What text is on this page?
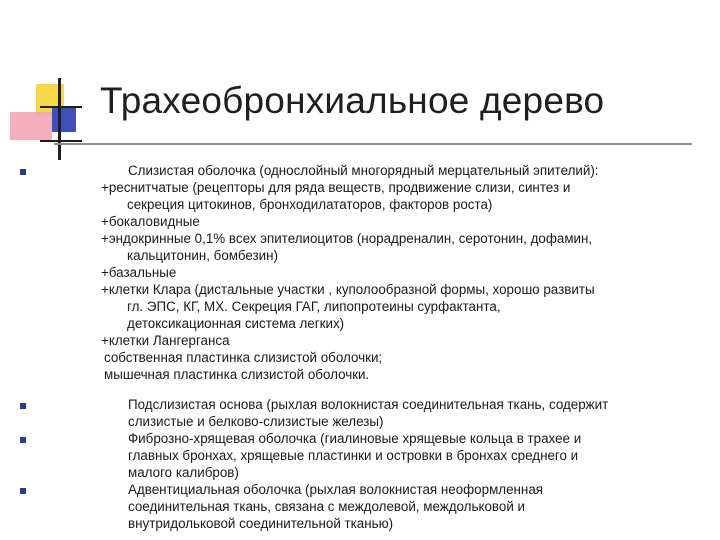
Трахеобронхиальное дерево
Слизистая оболочка (однослойный многорядный мерцательный эпителий):
+реснитчатые (рецепторы для ряда веществ, продвижение слизи, синтез и
секреция цитокинов, бронходилататоров, факторов роста)
+бокаловидные
+эндокринные 0,1% всех эпителиоцитов (норадреналин, серотонин, дофамин,
кальцитонин, бомбезин)
+базальные
+клетки Клара (дистальные участки , куполообразной формы, хорошо развиты
гл. ЭПС, КГ, МХ. Секреция ГАГ, липопротеины сурфактанта,
детоксикационная система легких)
+клетки Лангерганса
собственная пластинка слизистой оболочки;
мышечная пластинка слизистой оболочки.
Подслизистая основа (рыхлая волокнистая соединительная ткань, содержит
слизистые и белково-слизистые железы)
Фиброзно-хрящевая оболочка (гиалиновые хрящевые кольца в трахее и
главных бронхах, хрящевые пластинки и островки в бронхах среднего и
малого калибров)
Адвентициальная оболочка (рыхлая волокнистая неоформленная
соединительная ткань, связана с междолевой, междольковой и
внутридольковой соединительной тканью)
